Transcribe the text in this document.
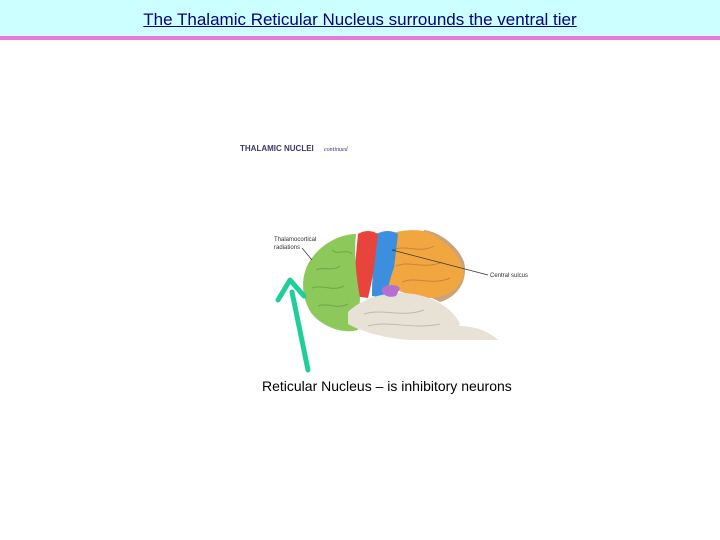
The Thalamic Reticular Nucleus surrounds the ventral tier
THALAMIC NUCLEI continued
Thalamocortical
radiations
Central sulcus
Reticular Nucleus – is inhibitory neurons
